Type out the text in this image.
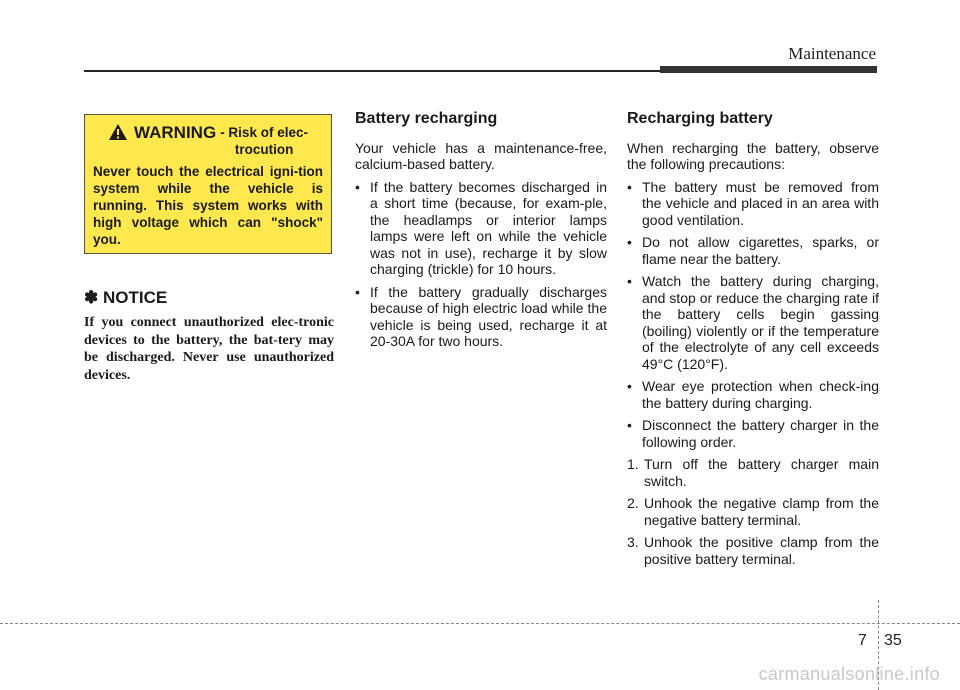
Maintenance
WARNING - Risk of elec-
trocution
Never touch the electrical igni-tion system while the vehicle is running. This system works with high voltage which can "shock" you.
✽ NOTICE
If you connect unauthorized elec-tronic devices to the battery, the bat-tery may be discharged. Never use unauthorized devices.
Battery recharging
Your vehicle has a maintenance-free, calcium-based battery.
• If the battery becomes discharged in a short time (because, for exam-ple, the headlamps or interior lamps lamps were left on while the vehicle was not in use), recharge it by slow charging (trickle) for 10 hours.
• If the battery gradually discharges because of high electric load while the vehicle is being used, recharge it at 20-30A for two hours.
Recharging battery
When recharging the battery, observe the following precautions:
• The battery must be removed from the vehicle and placed in an area with good ventilation.
• Do not allow cigarettes, sparks, or flame near the battery.
• Watch the battery during charging, and stop or reduce the charging rate if the battery cells begin gassing (boiling) violently or if the temperature of the electrolyte of any cell exceeds 49°C (120°F).
• Wear eye protection when check-ing the battery during charging.
• Disconnect the battery charger in the following order.
1. Turn off the battery charger main switch.
2. Unhook the negative clamp from the negative battery terminal.
3. Unhook the positive clamp from the positive battery terminal.
7 35
carmanualsonline.info
